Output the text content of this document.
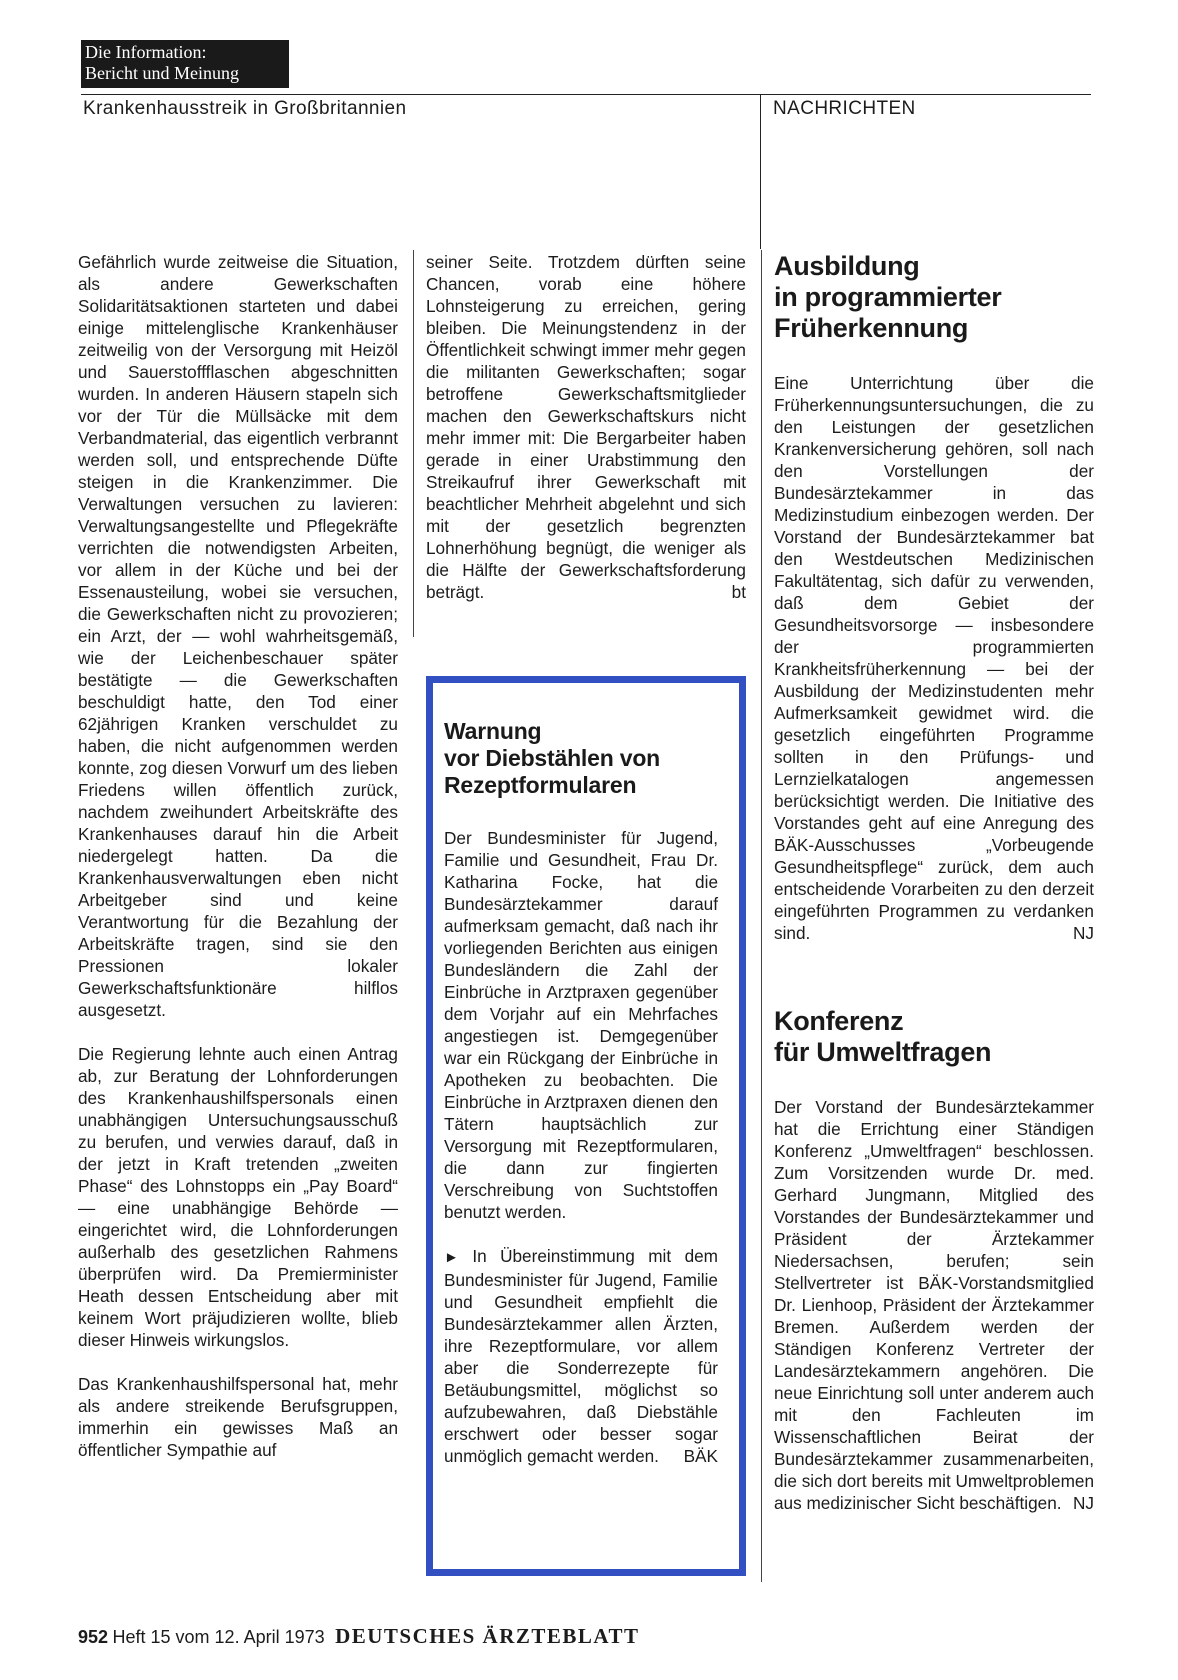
Die Information:
Bericht und Meinung
Krankenhausstreik in Großbritannien	NACHRICHTEN

Gefährlich wurde zeitweise die Situation, als andere Gewerkschaften Solidaritätsaktionen starteten und dabei einige mittelenglische Krankenhäuser zeitweilig von der Versorgung mit Heizöl und Sauerstoffflaschen abgeschnitten wurden. In anderen Häusern stapeln sich vor der Tür die Müllsäcke mit dem Verbandmaterial, das eigentlich verbrannt werden soll, und entsprechende Düfte steigen in die Krankenzimmer. Die Verwaltungen versuchen zu lavieren: Verwaltungsangestellte und Pflegekräfte verrichten die notwendigsten Arbeiten, vor allem in der Küche und bei der Essenausteilung, wobei sie versuchen, die Gewerkschaften nicht zu provozieren; ein Arzt, der — wohl wahrheitsgemäß, wie der Leichenbeschauer später bestätigte — die Gewerkschaften beschuldigt hatte, den Tod einer 62jährigen Kranken verschuldet zu haben, die nicht aufgenommen werden konnte, zog diesen Vorwurf um des lieben Friedens willen öffentlich zurück, nachdem zweihundert Arbeitskräfte des Krankenhauses darauf hin die Arbeit niedergelegt hatten. Da die Krankenhausverwaltungen eben nicht Arbeitgeber sind und keine Verantwortung für die Bezahlung der Arbeitskräfte tragen, sind sie den Pressionen lokaler Gewerkschaftsfunktionäre hilflos ausgesetzt.

Die Regierung lehnte auch einen Antrag ab, zur Beratung der Lohnforderungen des Krankenhaushilfspersonals einen unabhängigen Untersuchungsausschuß zu berufen, und verwies darauf, daß in der jetzt in Kraft tretenden „zweiten Phase“ des Lohnstopps ein „Pay Board“ — eine unabhängige Behörde — eingerichtet wird, die Lohnforderungen außerhalb des gesetzlichen Rahmens überprüfen wird. Da Premierminister Heath dessen Entscheidung aber mit keinem Wort präjudizieren wollte, blieb dieser Hinweis wirkungslos.

Das Krankenhaushilfspersonal hat, mehr als andere streikende Berufsgruppen, immerhin ein gewisses Maß an öffentlicher Sympathie auf

seiner Seite. Trotzdem dürften seine Chancen, vorab eine höhere Lohnsteigerung zu erreichen, gering bleiben. Die Meinungstendenz in der Öffentlichkeit schwingt immer mehr gegen die militanten Gewerkschaften; sogar betroffene Gewerkschaftsmitglieder machen den Gewerkschaftskurs nicht mehr immer mit: Die Bergarbeiter haben gerade in einer Urabstimmung den Streikaufruf ihrer Gewerkschaft mit beachtlicher Mehrheit abgelehnt und sich mit der gesetzlich begrenzten Lohnerhöhung begnügt, die weniger als die Hälfte der Gewerkschaftsforderung beträgt.	bt

Warnung
vor Diebstählen von
Rezeptformularen

Der Bundesminister für Jugend, Familie und Gesundheit, Frau Dr. Katharina Focke, hat die Bundesärztekammer darauf aufmerksam gemacht, daß nach ihr vorliegenden Berichten aus einigen Bundesländern die Zahl der Einbrüche in Arztpraxen gegenüber dem Vorjahr auf ein Mehrfaches angestiegen ist. Demgegenüber war ein Rückgang der Einbrüche in Apotheken zu beobachten. Die Einbrüche in Arztpraxen dienen den Tätern hauptsächlich zur Versorgung mit Rezeptformularen, die dann zur fingierten Verschreibung von Suchtstoffen benutzt werden.

► In Übereinstimmung mit dem Bundesminister für Jugend, Familie und Gesundheit empfiehlt die Bundesärztekammer allen Ärzten, ihre Rezeptformulare, vor allem aber die Sonderrezepte für Betäubungsmittel, möglichst so aufzubewahren, daß Diebstähle erschwert oder besser sogar unmöglich gemacht werden. BÄK

Ausbildung
in programmierter
Früherkennung

Eine Unterrichtung über die Früherkennungsuntersuchungen, die zu den Leistungen der gesetzlichen Krankenversicherung gehören, soll nach den Vorstellungen der Bundesärztekammer in das Medizinstudium einbezogen werden. Der Vorstand der Bundesärztekammer bat den Westdeutschen Medizinischen Fakultätentag, sich dafür zu verwenden, daß dem Gebiet der Gesundheitsvorsorge — insbesondere der programmierten Krankheitsfrüherkennung — bei der Ausbildung der Medizinstudenten mehr Aufmerksamkeit gewidmet wird. die gesetzlich eingeführten Programme sollten in den Prüfungs- und Lernzielkatalogen angemessen berücksichtigt werden. Die Initiative des Vorstandes geht auf eine Anregung des BÄK-Ausschusses „Vorbeugende Gesundheitspflege“ zurück, dem auch entscheidende Vorarbeiten zu den derzeit eingeführten Programmen zu verdanken sind.	NJ

Konferenz
für Umweltfragen

Der Vorstand der Bundesärztekammer hat die Errichtung einer Ständigen Konferenz „Umweltfragen“ beschlossen. Zum Vorsitzenden wurde Dr. med. Gerhard Jungmann, Mitglied des Vorstandes der Bundesärztekammer und Präsident der Ärztekammer Niedersachsen, berufen; sein Stellvertreter ist BÄK-Vorstandsmitglied Dr. Lienhoop, Präsident der Ärztekammer Bremen. Außerdem werden der Ständigen Konferenz Vertreter der Landesärztekammern angehören. Die neue Einrichtung soll unter anderem auch mit den Fachleuten im Wissenschaftlichen Beirat der Bundesärztekammer zusammenarbeiten, die sich dort bereits mit Umweltproblemen aus medizinischer Sicht beschäftigen. NJ

952 Heft 15 vom 12. April 1973 DEUTSCHES ÄRZTEBLATT
